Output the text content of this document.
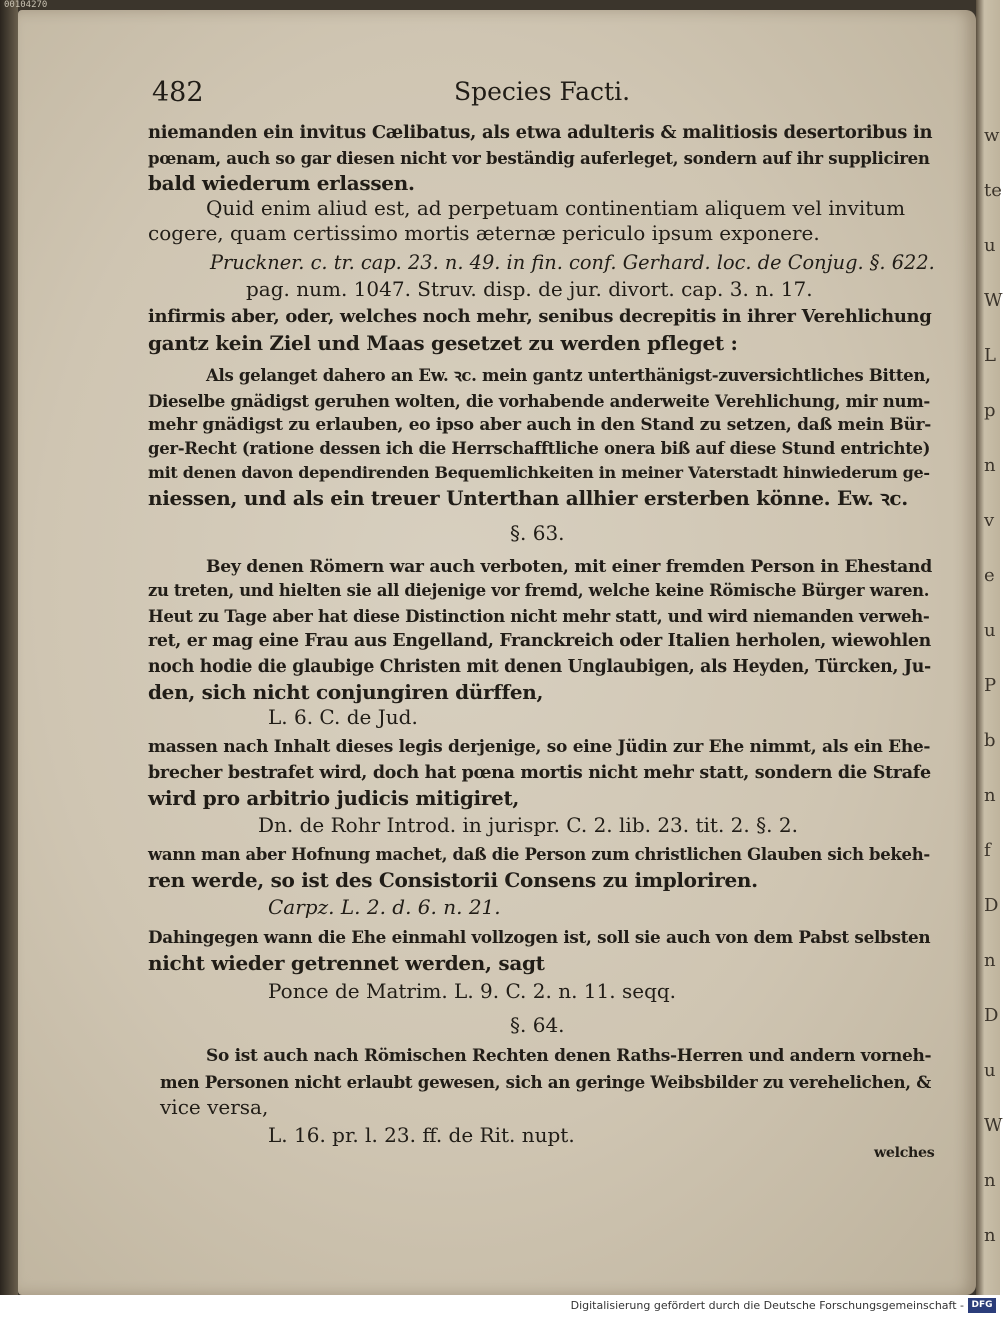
00104270
w
te
u
W
L
p
n
v
e
u
P
b
n
f
D
n
D
u
W
n
n
482	Species Facti.
niemanden ein invitus Cælibatus, als etwa adulteris & malitiosis desertoribus in
pœnam, auch so gar diesen nicht vor beständig auferleget, sondern auf ihr suppliciren
bald wiederum erlassen.
Quid enim aliud est, ad perpetuam continentiam aliquem vel invitum
cogere, quam certissimo mortis æternæ periculo ipsum exponere.
Pruckner. c. tr. cap. 23. n. 49. in fin. conf. Gerhard. loc. de Conjug. §. 622.
pag. num. 1047. Struv. disp. de jur. divort. cap. 3. n. 17.
infirmis aber, oder, welches noch mehr, senibus decrepitis in ihrer Verehlichung
gantz kein Ziel und Maas gesetzet zu werden pfleget :
Als gelanget dahero an Ew. ꝛc. mein gantz unterthänigst-zuversichtliches Bitten,
Dieselbe gnädigst geruhen wolten, die vorhabende anderweite Verehlichung, mir num-
mehr gnädigst zu erlauben, eo ipso aber auch in den Stand zu setzen, daß mein Bür-
ger-Recht (ratione dessen ich die Herrschafftliche onera biß auf diese Stund entrichte)
mit denen davon dependirenden Bequemlichkeiten in meiner Vaterstadt hinwiederum ge-
niessen, und als ein treuer Unterthan allhier ersterben könne. Ew. ꝛc.
§. 63.
Bey denen Römern war auch verboten, mit einer fremden Person in Ehestand
zu treten, und hielten sie all diejenige vor fremd, welche keine Römische Bürger waren.
Heut zu Tage aber hat diese Distinction nicht mehr statt, und wird niemanden verweh-
ret, er mag eine Frau aus Engelland, Franckreich oder Italien herholen, wiewohlen
noch hodie die glaubige Christen mit denen Unglaubigen, als Heyden, Türcken, Ju-
den, sich nicht conjungiren dürffen,
L. 6. C. de Jud.
massen nach Inhalt dieses legis derjenige, so eine Jüdin zur Ehe nimmt, als ein Ehe-
brecher bestrafet wird, doch hat pœna mortis nicht mehr statt, sondern die Strafe
wird pro arbitrio judicis mitigiret,
Dn. de Rohr Introd. in jurispr. C. 2. lib. 23. tit. 2. §. 2.
wann man aber Hofnung machet, daß die Person zum christlichen Glauben sich bekeh-
ren werde, so ist des Consistorii Consens zu imploriren.
Carpz. L. 2. d. 6. n. 21.
Dahingegen wann die Ehe einmahl vollzogen ist, soll sie auch von dem Pabst selbsten
nicht wieder getrennet werden, sagt
Ponce de Matrim. L. 9. C. 2. n. 11. seqq.
§. 64.
So ist auch nach Römischen Rechten denen Raths-Herren und andern vorneh-
men Personen nicht erlaubt gewesen, sich an geringe Weibsbilder zu verehelichen, &
vice versa,
L. 16. pr. l. 23. ff. de Rit. nupt.
welches
Digitalisierung gefördert durch die Deutsche Forschungsgemeinschaft - DFG
